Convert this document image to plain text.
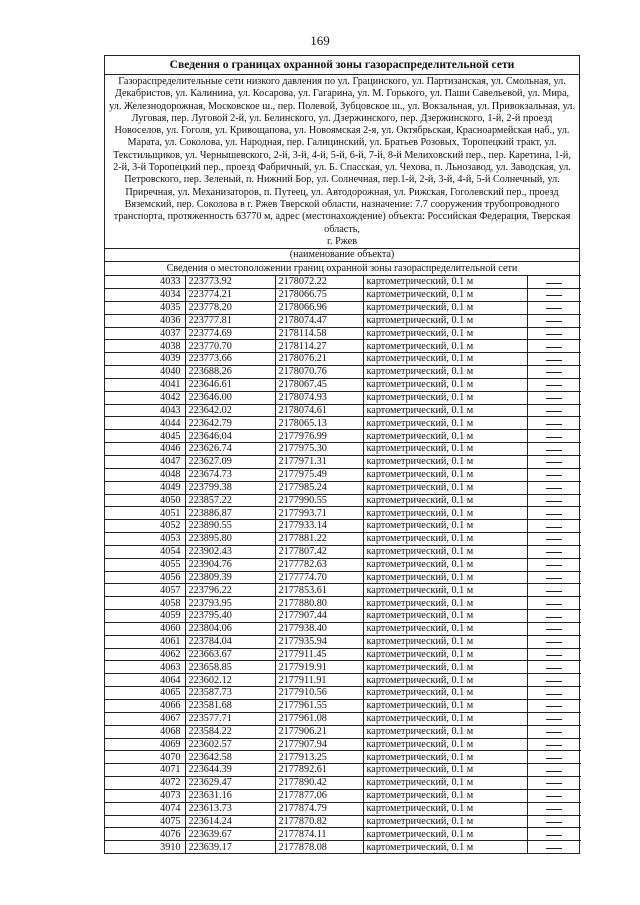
169
Сведения о границах охранной зоны газораспределительной сети
Газораспределительные сети низкого давления по ул. Грацинского, ул. Партизанская, ул. Смольная, ул. Декабристов, ул. Калинина, ул. Косарова, ул. Гагарина, ул. М. Горького, ул. Паши Савельевой, ул. Мира, ул. Железнодорожная, Московское ш., пер. Полевой, Зубцовское ш., ул. Вокзальная, ул. Привокзальная, ул. Луговая, пер. Луговой 2-й, ул. Белинского, ул. Дзержинского, пер. Дзержинского, 1-й, 2-й проезд Новоселов, ул. Гоголя, ул. Кривощапова, ул. Новоямская 2-я, ул. Октябрьская, Красноармейская наб., ул. Марата, ул. Соколова, ул. Народная, пер. Галицинский, ул. Братьев Розовых, Торопецкий тракт, ул. Текстильщиков, ул. Чернышевского, 2-й, 3-й, 4-й, 5-й, 6-й, 7-й, 8-й Мелиховский пер., пер. Каретина, 1-й, 2-й, 3-й Торопецкий пер., проезд Фабричный, ул. Б. Спасская, ул. Чехова, п. Льнозавод, ул. Заводская, ул. Петровского, пер. Зеленый, п. Нижний Бор, ул. Солнечная, пер.1-й, 2-й, 3-й, 4-й, 5-й Солнечный, ул. Приречная, ул. Механизаторов, п. Путеец, ул. Автодорожная, ул. Рижская, Гоголевский пер., проезд Вяземский, пер. Соколова в г. Ржев Тверской области, назначение: 7.7 сооружения трубопроводного транспорта, протяженность 63770 м, адрес (местонахождение) объекта: Российская Федерация, Тверская область,
г. Ржев
(наименование объекта)
Сведения о местоположении границ охранной зоны газораспределительной сети
4033	223773.92	2178072.22	картометрический, 0.1 м	
4034	223774.21	2178066.75	картометрический, 0.1 м	
4035	223778.20	2178066.96	картометрический, 0.1 м	
4036	223777.81	2178074.47	картометрический, 0.1 м	
4037	223774.69	2178114.58	картометрический, 0.1 м	
4038	223770.70	2178114.27	картометрический, 0.1 м	
4039	223773.66	2178076.21	картометрический, 0.1 м	
4040	223688.26	2178070.76	картометрический, 0.1 м	
4041	223646.61	2178067.45	картометрический, 0.1 м	
4042	223646.00	2178074.93	картометрический, 0.1 м	
4043	223642.02	2178074.61	картометрический, 0.1 м	
4044	223642.79	2178065.13	картометрический, 0.1 м	
4045	223646.04	2177976.99	картометрический, 0.1 м	
4046	223626.74	2177975.30	картометрический, 0.1 м	
4047	223627.09	2177971.31	картометрический, 0.1 м	
4048	223674.73	2177975.49	картометрический, 0.1 м	
4049	223799.38	2177985.24	картометрический, 0.1 м	
4050	223857.22	2177990.55	картометрический, 0.1 м	
4051	223886.87	2177993.71	картометрический, 0.1 м	
4052	223890.55	2177933.14	картометрический, 0.1 м	
4053	223895.80	2177881.22	картометрический, 0.1 м	
4054	223902.43	2177807.42	картометрический, 0.1 м	
4055	223904.76	2177782.63	картометрический, 0.1 м	
4056	223809.39	2177774.70	картометрический, 0.1 м	
4057	223796.22	2177853.61	картометрический, 0.1 м	
4058	223793.95	2177880.80	картометрический, 0.1 м	
4059	223795.40	2177907.44	картометрический, 0.1 м	
4060	223804.06	2177938.40	картометрический, 0.1 м	
4061	223784.04	2177935.94	картометрический, 0.1 м	
4062	223663.67	2177911.45	картометрический, 0.1 м	
4063	223658.85	2177919.91	картометрический, 0.1 м	
4064	223602.12	2177911.91	картометрический, 0.1 м	
4065	223587.73	2177910.56	картометрический, 0.1 м	
4066	223581.68	2177961.55	картометрический, 0.1 м	
4067	223577.71	2177961.08	картометрический, 0.1 м	
4068	223584.22	2177906.21	картометрический, 0.1 м	
4069	223602.57	2177907.94	картометрический, 0.1 м	
4070	223642.58	2177913.25	картометрический, 0.1 м	
4071	223644.39	2177892.61	картометрический, 0.1 м	
4072	223629.47	2177890.42	картометрический, 0.1 м	
4073	223631.16	2177877.06	картометрический, 0.1 м	
4074	223613.73	2177874.79	картометрический, 0.1 м	
4075	223614.24	2177870.82	картометрический, 0.1 м	
4076	223639.67	2177874.11	картометрический, 0.1 м	
3910	223639.17	2177878.08	картометрический, 0.1 м	
